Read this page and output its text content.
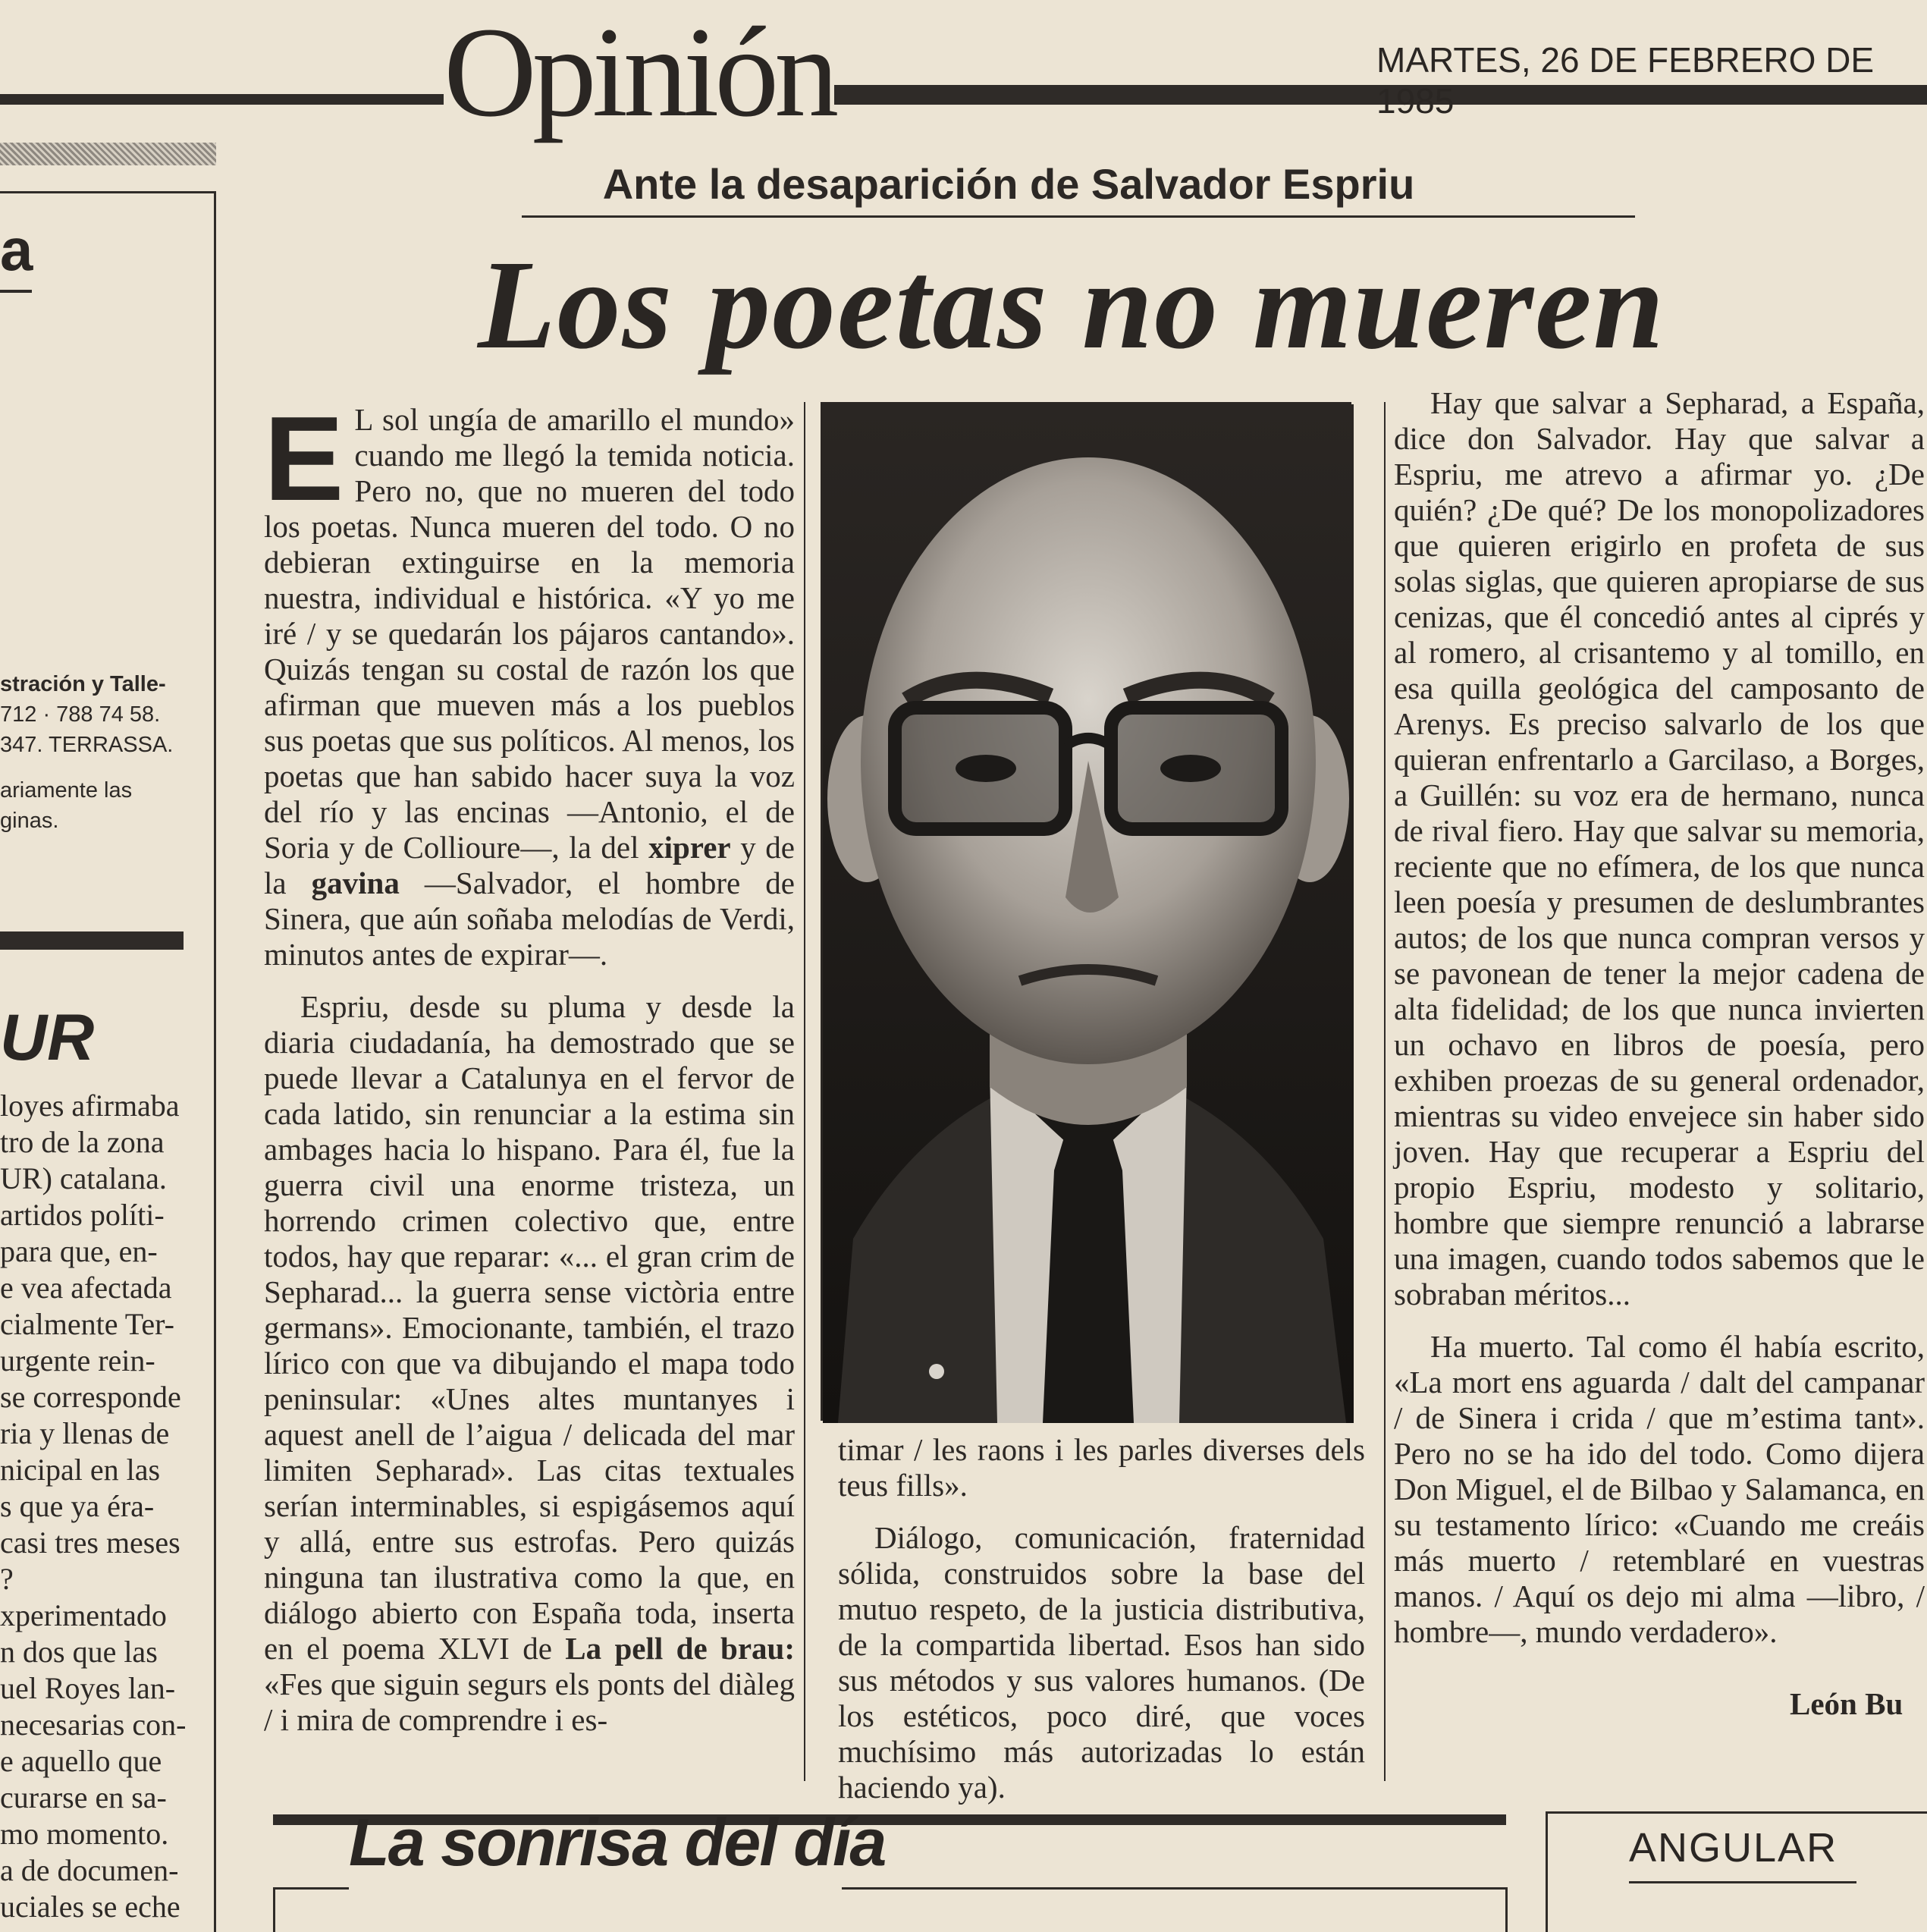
Opinión	MARTES, 26 DE FEBRERO DE 1985
a
stración y Talle-
712 · 788 74 58.
347. TERRASSA.
ariamente las
ginas.
UR
loyes afirmaba
tro de la zona
UR) catalana.
artidos políti-
para que, en-
e vea afectada
cialmente Ter-
urgente rein-
se corresponde
ria y llenas de
nicipal en las
s que ya éra-
casi tres meses
?
xperimentado
n dos que las
uel Royes lan-
necesarias con-
e aquello que
curarse en sa-
mo momento.
a de documen-
uciales se eche
Ante la desaparición de Salvador Espriu
Los poetas no mueren

E L sol ungía de amarillo el mundo» cuando me llegó la temida noticia. Pero no, que no mueren del todo los poetas. Nunca mueren del todo. O no debieran extinguirse en la memoria nuestra, individual e histórica. «Y yo me iré / y se quedarán los pájaros cantando». Quizás tengan su costal de razón los que afirman que mueven más a los pueblos sus poetas que sus políticos. Al menos, los poetas que han sabido hacer suya la voz del río y las encinas —Antonio, el de Soria y de Collioure—, la del xiprer y de la gavina —Salvador, el hombre de Sinera, que aún soñaba melodías de Verdi, minutos antes de expirar—.

Espriu, desde su pluma y desde la diaria ciudadanía, ha demostrado que se puede llevar a Catalunya en el fervor de cada latido, sin renunciar a la estima sin ambages hacia lo hispano. Para él, fue la guerra civil una enorme tristeza, un horrendo crimen colectivo que, entre todos, hay que reparar: «... el gran crim de Sepharad... la guerra sense victòria entre germans». Emocionante, también, el trazo lírico con que va dibujando el mapa todo peninsular: «Unes altes muntanyes i aquest anell de l’aigua / delicada del mar limiten Sepharad». Las citas textuales serían interminables, si espigásemos aquí y allá, entre sus estrofas. Pero quizás ninguna tan ilustrativa como la que, en diálogo abierto con España toda, inserta en el poema XLVI de La pell de brau: «Fes que siguin segurs els ponts del diàleg / i mira de comprendre i es-

timar / les raons i les parles diverses dels teus fills».

Diálogo, comunicación, fraternidad sólida, construidos sobre la base del mutuo respeto, de la justicia distributiva, de la compartida libertad. Esos han sido sus métodos y sus valores humanos. (De los estéticos, poco diré, que voces muchísimo más autorizadas lo están haciendo ya).

Hay que salvar a Sepharad, a España, dice don Salvador. Hay que salvar a Espriu, me atrevo a afirmar yo. ¿De quién? ¿De qué? De los monopolizadores que quieren erigirlo en profeta de sus solas siglas, que quieren apropiarse de sus cenizas, que él concedió antes al ciprés y al romero, al crisantemo y al tomillo, en esa quilla geológica del camposanto de Arenys. Es preciso salvarlo de los que quieran enfrentarlo a Garcilaso, a Borges, a Guillén: su voz era de hermano, nunca de rival fiero. Hay que salvar su memoria, reciente que no efímera, de los que nunca leen poesía y presumen de deslumbrantes autos; de los que nunca compran versos y se pavonean de tener la mejor cadena de alta fidelidad; de los que nunca invierten un ochavo en libros de poesía, pero exhiben proezas de su general ordenador, mientras su video envejece sin haber sido joven. Hay que recuperar a Espriu del propio Espriu, modesto y solitario, hombre que siempre renunció a labrarse una imagen, cuando todos sabemos que le sobraban méritos...

Ha muerto. Tal como él había escrito, «La mort ens aguarda / dalt del campanar / de Sinera i crida / que m’estima tant». Pero no se ha ido del todo. Como dijera Don Miguel, el de Bilbao y Salamanca, en su testamento lírico: «Cuando me creáis más muerto / retemblaré en vuestras manos. / Aquí os dejo mi alma —libro, / hombre—, mundo verdadero».

León Bu
La sonrisa del día	ANGULAR
